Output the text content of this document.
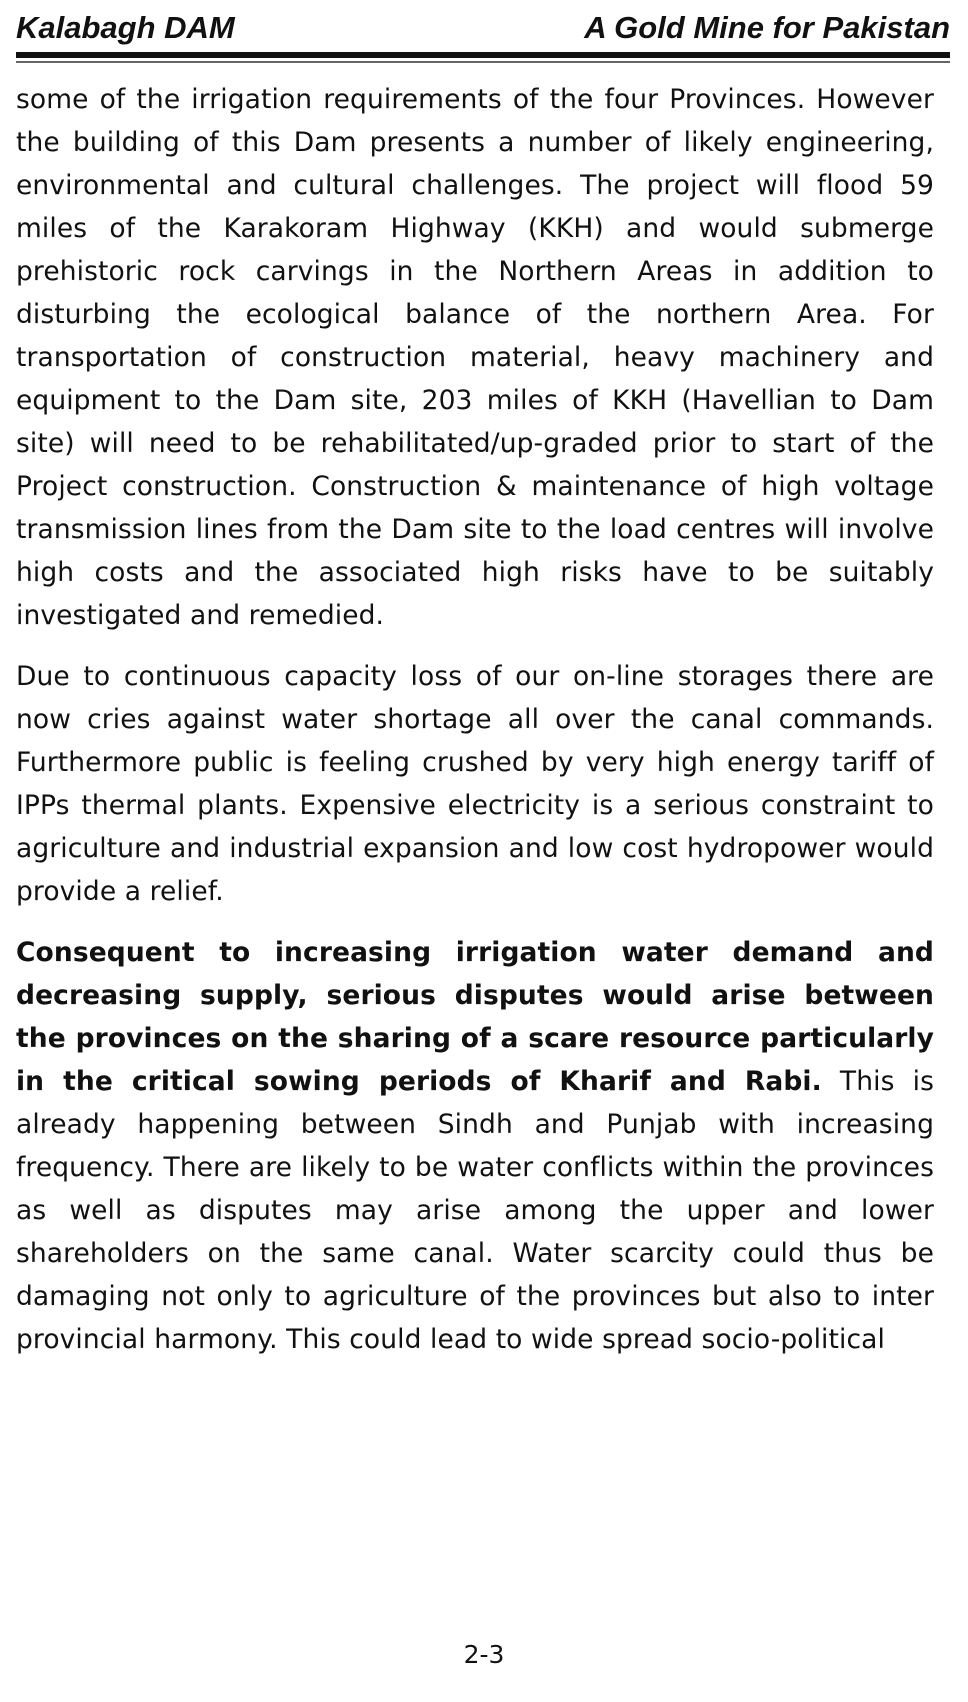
Kalabagh DAM	A Gold Mine for Pakistan

some of the irrigation requirements of the four Provinces. However the building of this Dam presents a number of likely engineering, environmental and cultural challenges. The project will flood 59 miles of the Karakoram Highway (KKH) and would submerge prehistoric rock carvings in the Northern Areas in addition to disturbing the ecological balance of the northern Area. For transportation of construction material, heavy machinery and equipment to the Dam site, 203 miles of KKH (Havellian to Dam site) will need to be rehabilitated/up-graded prior to start of the Project construction. Construction & maintenance of high voltage transmission lines from the Dam site to the load centres will involve high costs and the associated high risks have to be suitably investigated and remedied.

Due to continuous capacity loss of our on-line storages there are now cries against water shortage all over the canal commands. Furthermore public is feeling crushed by very high energy tariff of IPPs thermal plants. Expensive electricity is a serious constraint to agriculture and industrial expansion and low cost hydropower would provide a relief.

Consequent to increasing irrigation water demand and decreasing supply, serious disputes would arise between the provinces on the sharing of a scare resource particularly in the critical sowing periods of Kharif and Rabi. This is already happening between Sindh and Punjab with increasing frequency. There are likely to be water conflicts within the provinces as well as disputes may arise among the upper and lower shareholders on the same canal. Water scarcity could thus be damaging not only to agriculture of the provinces but also to inter provincial harmony. This could lead to wide spread socio-political

2-3
